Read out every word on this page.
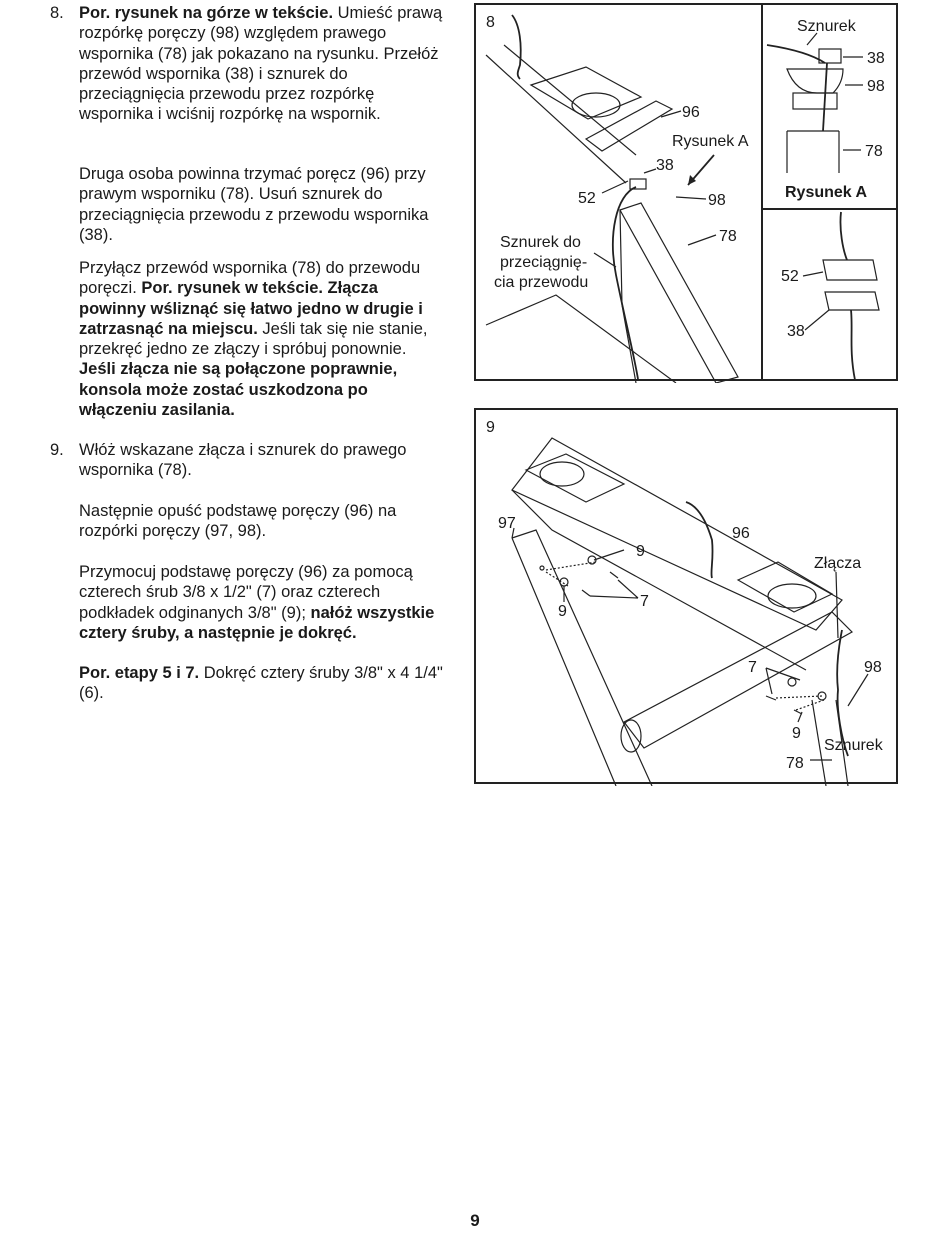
8. Por. rysunek na górze w tekście. Umieść prawą rozpórkę poręczy (98) względem prawego wspornika (78) jak pokazano na rysunku. Przełóż przewód wspornika (38) i sznurek do przeciągnięcia przewodu przez rozpórkę wspornika i wciśnij rozpórkę na wspornik.

Druga osoba powinna trzymać poręcz (96) przy prawym wsporniku (78). Usuń sznurek do przeciągnięcia przewodu z przewodu wspornika (38).

Przyłącz przewód wspornika (78) do przewodu poręczi. Por. rysunek w tekście. Złącza powinny wśliznąć się łatwo jedno w drugie i zatrzasnąć na miejscu. Jeśli tak się nie stanie, przekręć jedno ze złączy i spróbuj ponownie. Jeśli złącza nie są połączone poprawnie, konsola może zostać uszkodzona po włączeniu zasilania.

9. Włóż wskazane złącza i sznurek do prawego wspornika (78).

Następnie opuść podstawę poręczy (96) na rozpórki poręczy (97, 98).

Przymocuj podstawę poręczy (96) za pomocą czterech śrub 3/8 x 1/2" (7) oraz czterech podkładek odginanych 3/8" (9); nałóż wszystkie cztery śruby, a następnie je dokręć.

Por. etapy 5 i 7. Dokręć cztery śruby 3/8" x 4 1/4" (6).

8
96
Rysunek A
38
52	98
78
Sznurek do
przeciągnię-
cia przewodu
Sznurek
38
98
78
Rysunek A
52
38
9
97
96
Złącza
9
9
7
7	98
9
Sznurek
78
9
